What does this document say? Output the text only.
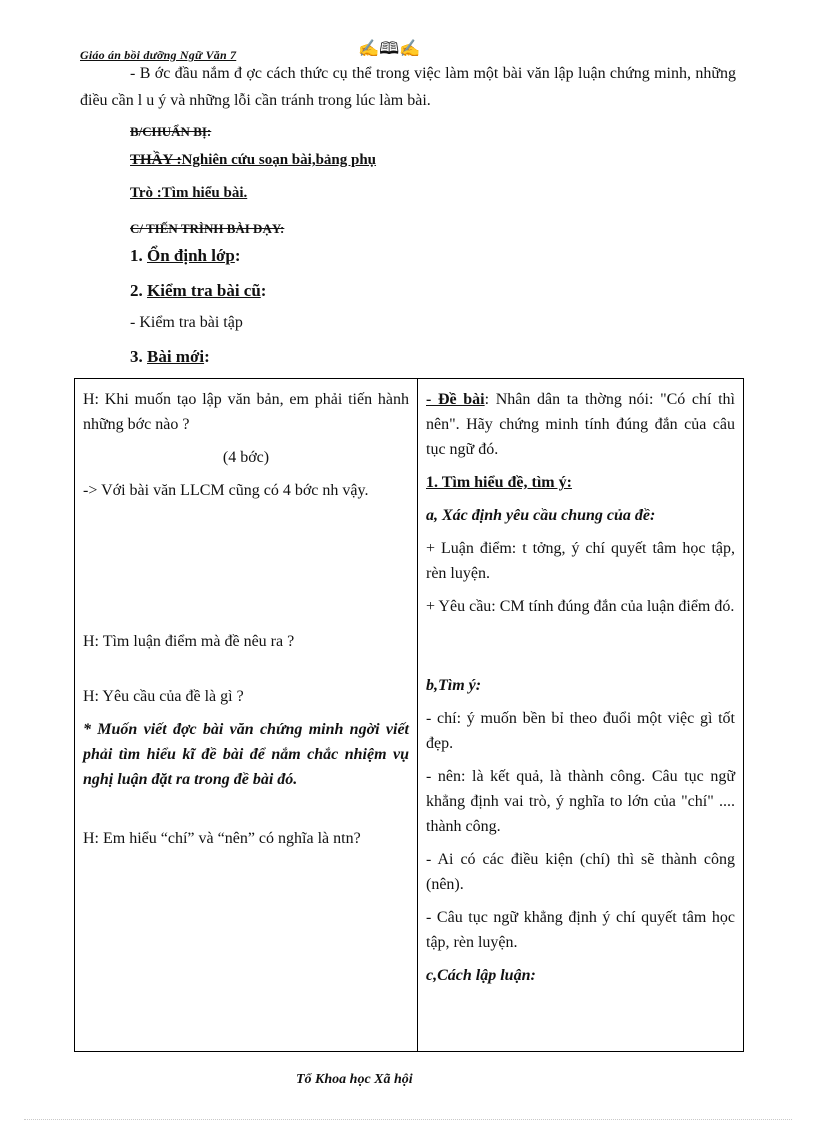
Giáo án bồi dưỡng Ngữ Văn 7	✍🕮✍
- B ớc đầu nắm đ ợc cách thức cụ thể trong việc làm một bài văn lập luận chứng minh, những điều cần l u ý và những lỗi cần tránh trong lúc làm bài.
B/CHUẨN BỊ:
THẦY :Nghiên cứu soạn bài,bảng phụ
Trò :Tìm hiểu bài.
C/ TIẾN TRÌNH BÀI DẠY:
1. Ổn định lớp:
2. Kiểm tra bài cũ:
- Kiểm tra bài tập
3. Bài mới:

H: Khi muốn tạo lập văn bản, em phải tiến hành những bớc nào ?

(4 bớc)

-> Với bài văn LLCM cũng có 4 bớc nh vậy.

H: Tìm luận điểm mà đề nêu ra ?

H: Yêu cầu của đề là gì ?

* Muốn viết đợc bài văn chứng minh ngời viết phải tìm hiểu kĩ đề bài để nắm chắc nhiệm vụ nghị luận đặt ra trong đề bài đó.

H: Em hiểu “chí” và “nên” có nghĩa là ntn?

- Đề bài: Nhân dân ta thờng nói: "Có chí thì nên". Hãy chứng minh tính đúng đắn của câu tục ngữ đó.

1. Tìm hiểu đề, tìm ý:

a, Xác định yêu cầu chung của đề:

+ Luận điểm: t tởng, ý chí quyết tâm học tập, rèn luyện.

+ Yêu cầu: CM tính đúng đắn của luận điểm đó.

b,Tìm ý:

- chí: ý muốn bền bỉ theo đuổi một việc gì tốt đẹp.

- nên: là kết quả, là thành công. Câu tục ngữ khẳng định vai trò, ý nghĩa to lớn của "chí" .... thành công.

- Ai có các điều kiện (chí) thì sẽ thành công (nên).

- Câu tục ngữ khẳng định ý chí quyết tâm học tập, rèn luyện.

c,Cách lập luận:

Tổ Khoa học Xã hội
